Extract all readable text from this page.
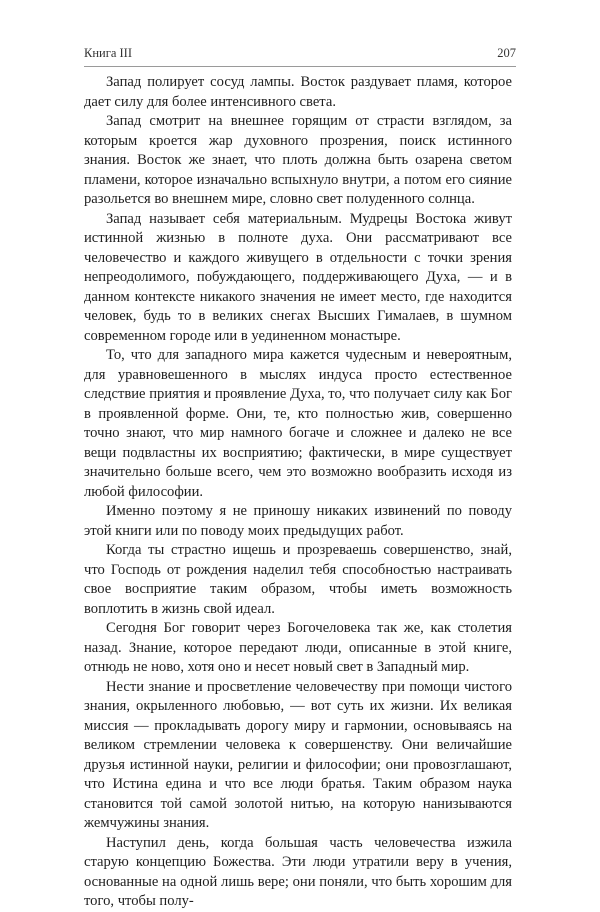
Книга III	207

Запад полирует сосуд лампы. Восток раздувает пламя, которое дает силу для более интенсивного света.

Запад смотрит на внешнее горящим от страсти взглядом, за которым кроется жар духовного прозрения, поиск истинного знания. Восток же знает, что плоть должна быть озарена светом пламени, которое изначально вспыхнуло внутри, а потом его сияние разольется во внешнем мире, словно свет полуденного солнца.

Запад называет себя материальным. Мудрецы Востока живут истинной жизнью в полноте духа. Они рассматривают все человечество и каждого живущего в отдельности с точки зрения непреодолимого, побуждающего, поддерживающего Духа, — и в данном контексте никакого значения не имеет место, где находится человек, будь то в великих снегах Высших Гималаев, в шумном современном городе или в уединенном монастыре.

То, что для западного мира кажется чудесным и невероятным, для уравновешенного в мыслях индуса просто естественное следствие приятия и проявление Духа, то, что получает силу как Бог в проявленной форме. Они, те, кто полностью жив, совершенно точно знают, что мир намного богаче и сложнее и далеко не все вещи подвластны их восприятию; фактически, в мире существует значительно больше всего, чем это возможно вообразить исходя из любой философии.

Именно поэтому я не приношу никаких извинений по поводу этой книги или по поводу моих предыдущих работ.

Когда ты страстно ищешь и прозреваешь совершенство, знай, что Господь от рождения наделил тебя способностью настраивать свое восприятие таким образом, чтобы иметь возможность воплотить в жизнь свой идеал.

Сегодня Бог говорит через Богочеловека так же, как столетия назад. Знание, которое передают люди, описанные в этой книге, отнюдь не ново, хотя оно и несет новый свет в Западный мир.

Нести знание и просветление человечеству при помощи чистого знания, окрыленного любовью, — вот суть их жизни. Их великая миссия — прокладывать дорогу миру и гармонии, основываясь на великом стремлении человека к совершенству. Они величайшие друзья истинной науки, религии и философии; они провозглашают, что Истина едина и что все люди братья. Таким образом наука становится той самой золотой нитью, на которую нанизываются жемчужины знания.

Наступил день, когда большая часть человечества изжила старую концепцию Божества. Эти люди утратили веру в учения, основанные на одной лишь вере; они поняли, что быть хорошим для того, чтобы полу-
